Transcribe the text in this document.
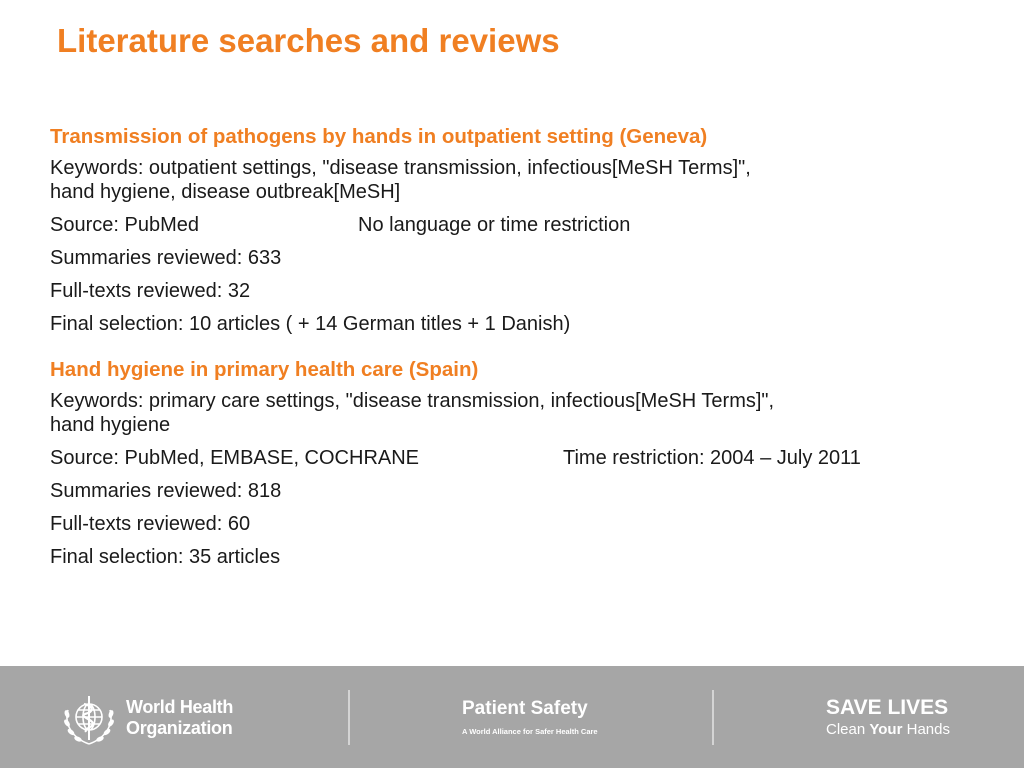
Literature searches and reviews
Transmission of pathogens by hands in outpatient setting (Geneva)
Keywords: outpatient settings, "disease transmission, infectious[MeSH Terms]",
hand hygiene, disease outbreak[MeSH]
Source: PubMed	No language or time restriction
Summaries reviewed: 633
Full-texts reviewed: 32
Final selection: 10 articles ( + 14 German titles + 1 Danish)
Hand hygiene in primary health care (Spain)
Keywords: primary care settings, "disease transmission, infectious[MeSH Terms]",
hand hygiene
Source: PubMed, EMBASE, COCHRANE	Time restriction: 2004 – July 2011
Summaries reviewed: 818
Full-texts reviewed: 60
Final selection: 35 articles
World Health
Organization
Patient Safety
A World Alliance for Safer Health Care
SAVE LIVES
Clean Your Hands
